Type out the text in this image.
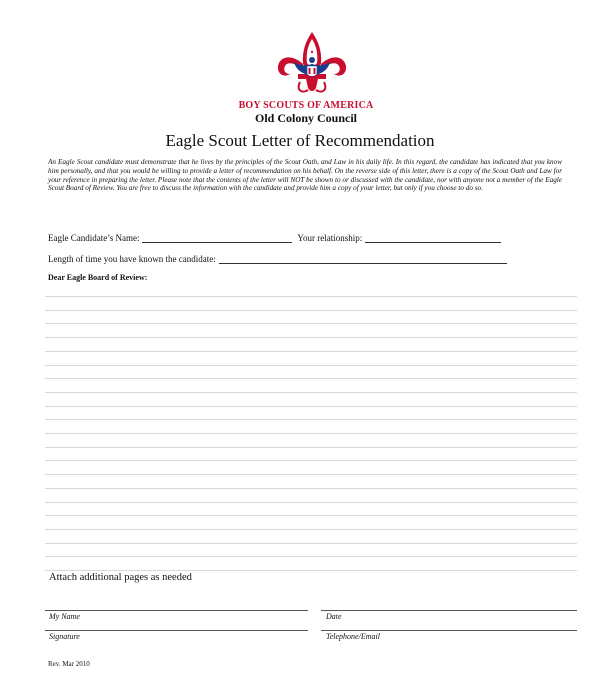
BOY SCOUTS OF AMERICA
Old Colony Council
Eagle Scout Letter of Recommendation
An Eagle Scout candidate must demonstrate that he lives by the principles of the Scout Oath, and Law in his daily life. In this regard, the candidate has indicated that you know him personally, and that you would be willing to provide a letter of recommendation on his behalf. On the reverse side of this letter, there is a copy of the Scout Oath and Law for your reference in preparing the letter. Please note that the contents of the letter will NOT be shown to or discussed with the candidate, nor with anyone not a member of the Eagle Scout Board of Review. You are free to discuss the information with the candidate and provide him a copy of your letter, but only if you choose to do so.
Eagle Candidate’s Name:	Your relationship:
Length of time you have known the candidate:
Dear Eagle Board of Review:
Attach additional pages as needed
My Name	Date
Signature	Telephone/Email
Rev. Mar 2010
